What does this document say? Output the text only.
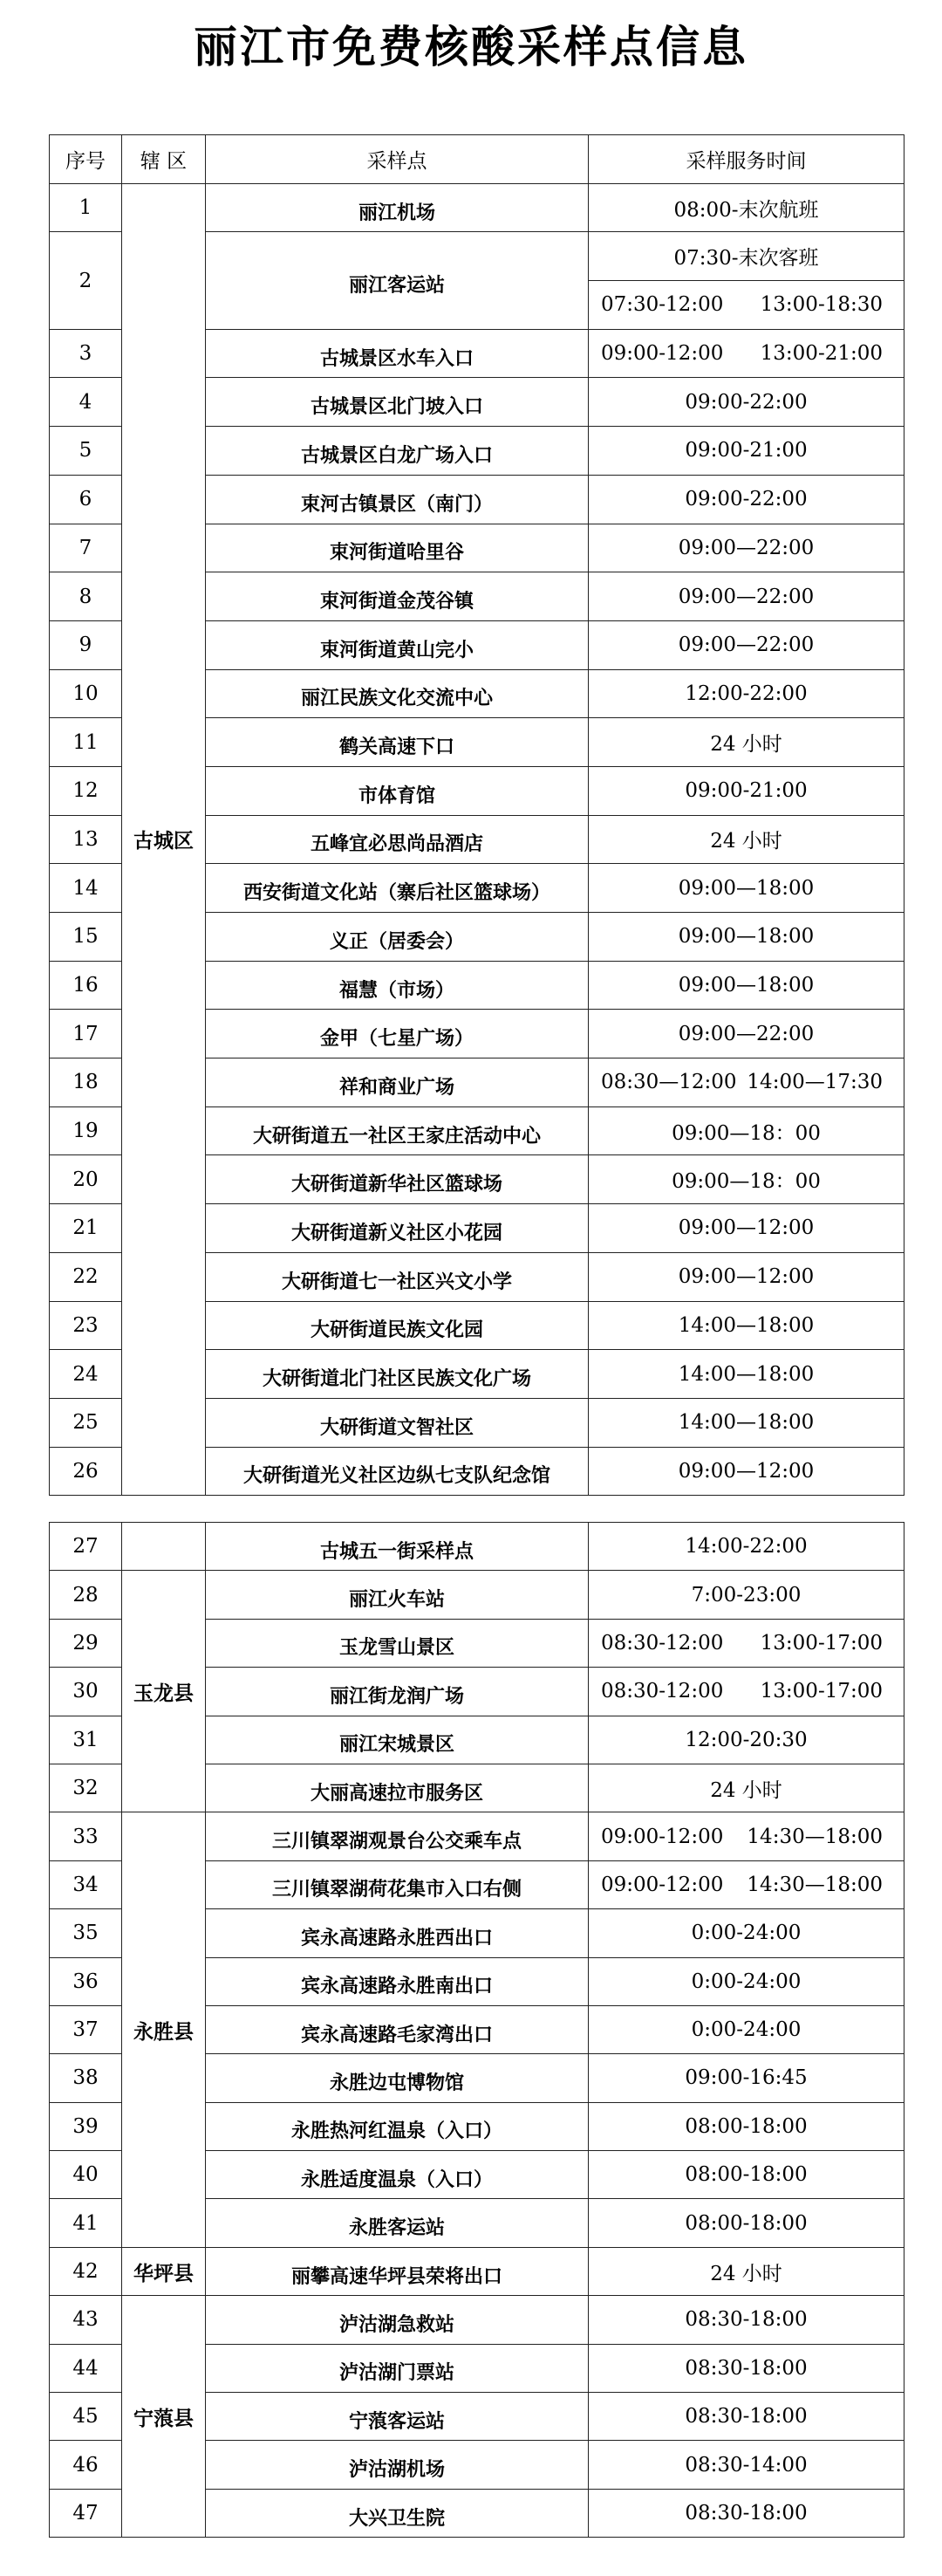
丽江市免费核酸采样点信息
序号	辖 区	采样点	采样服务时间
1	古城区	丽江机场	08:00-末次航班
2		丽江客运站	07:30-末次客班

			07:30-12:00 13:00-18:30

3		古城景区水车入口	09:00-12:00 13:00-21:00

4		古城景区北门坡入口	09:00-22:00
5		古城景区白龙广场入口	09:00-21:00
6		束河古镇景区（南门）	09:00-22:00
7		束河街道哈里谷	09:00—22:00
8		束河街道金茂谷镇	09:00—22:00
9		束河街道黄山完小	09:00—22:00
10		丽江民族文化交流中心	12:00-22:00
11		鹤关高速下口	24 小时
12		市体育馆	09:00-21:00
13		五峰宜必思尚品酒店	24 小时
14		西安街道文化站（寨后社区篮球场）	09:00—18:00
15		义正（居委会）	09:00—18:00
16		福慧（市场）	09:00—18:00
17		金甲（七星广场）	09:00—22:00
18		祥和商业广场	08:30—12:00 14:00—17:30

19		大研街道五一社区王家庄活动中心	09:00—18：00
20		大研街道新华社区篮球场	09:00—18：00
21		大研街道新义社区小花园	09:00—12:00
22		大研街道七一社区兴文小学	09:00—12:00
23		大研街道民族文化园	14:00—18:00
24		大研街道北门社区民族文化广场	14:00—18:00
25		大研街道文智社区	14:00—18:00
26		大研街道光义社区边纵七支队纪念馆	09:00—12:00
27		古城五一街采样点	14:00-22:00
28	玉龙县	丽江火车站	7:00-23:00
29		玉龙雪山景区	08:30-12:00 13:00-17:00

30		丽江街龙润广场	08:30-12:00 13:00-17:00

31		丽江宋城景区	12:00-20:30
32		大丽高速拉市服务区	24 小时
33	永胜县	三川镇翠湖观景台公交乘车点	09:00-12:00 14:30—18:00

34		三川镇翠湖荷花集市入口右侧	09:00-12:00 14:30—18:00

35		宾永高速路永胜西出口	0:00-24:00
36		宾永高速路永胜南出口	0:00-24:00
37		宾永高速路毛家湾出口	0:00-24:00
38		永胜边屯博物馆	09:00-16:45
39		永胜热河红温泉（入口）	08:00-18:00
40		永胜适度温泉（入口）	08:00-18:00
41		永胜客运站	08:00-18:00
42	华坪县	丽攀高速华坪县荣将出口	24 小时
43	宁蒗县	泸沽湖急救站	08:30-18:00
44		泸沽湖门票站	08:30-18:00
45		宁蒗客运站	08:30-18:00
46		泸沽湖机场	08:30-14:00
47		大兴卫生院	08:30-18:00
